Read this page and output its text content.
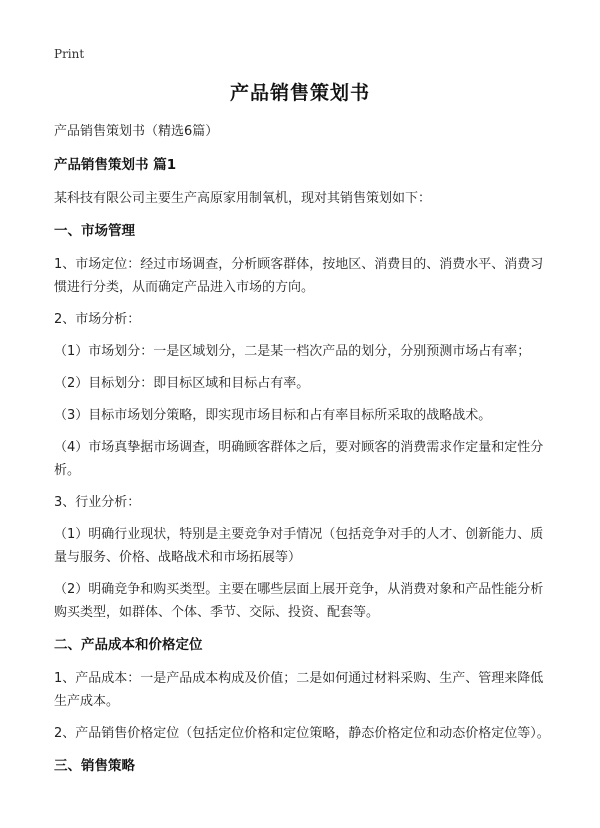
Print
产品销售策划书

产品销售策划书（精选6篇）

产品销售策划书 篇1

某科技有限公司主要生产高原家用制氧机，现对其销售策划如下：

一、市场管理

1、市场定位：经过市场调查，分析顾客群体，按地区、消费目的、消费水平、消费习惯进行分类，从而确定产品进入市场的方向。

2、市场分析：

（1）市场划分：一是区域划分，二是某一档次产品的划分，分别预测市场占有率；

（2）目标划分：即目标区域和目标占有率。

（3）目标市场划分策略，即实现市场目标和占有率目标所采取的战略战术。

（4）市场真挚据市场调查，明确顾客群体之后，要对顾客的消费需求作定量和定性分析。

3、行业分析：

（1）明确行业现状，特别是主要竞争对手情况（包括竞争对手的人才、创新能力、质量与服务、价格、战略战术和市场拓展等）

（2）明确竞争和购买类型。主要在哪些层面上展开竞争，从消费对象和产品性能分析购买类型，如群体、个体、季节、交际、投资、配套等。

二、产品成本和价格定位

1、产品成本：一是产品成本构成及价值；二是如何通过材料采购、生产、管理来降低生产成本。

2、产品销售价格定位（包括定位价格和定位策略，静态价格定位和动态价格定位等）。

三、销售策略
